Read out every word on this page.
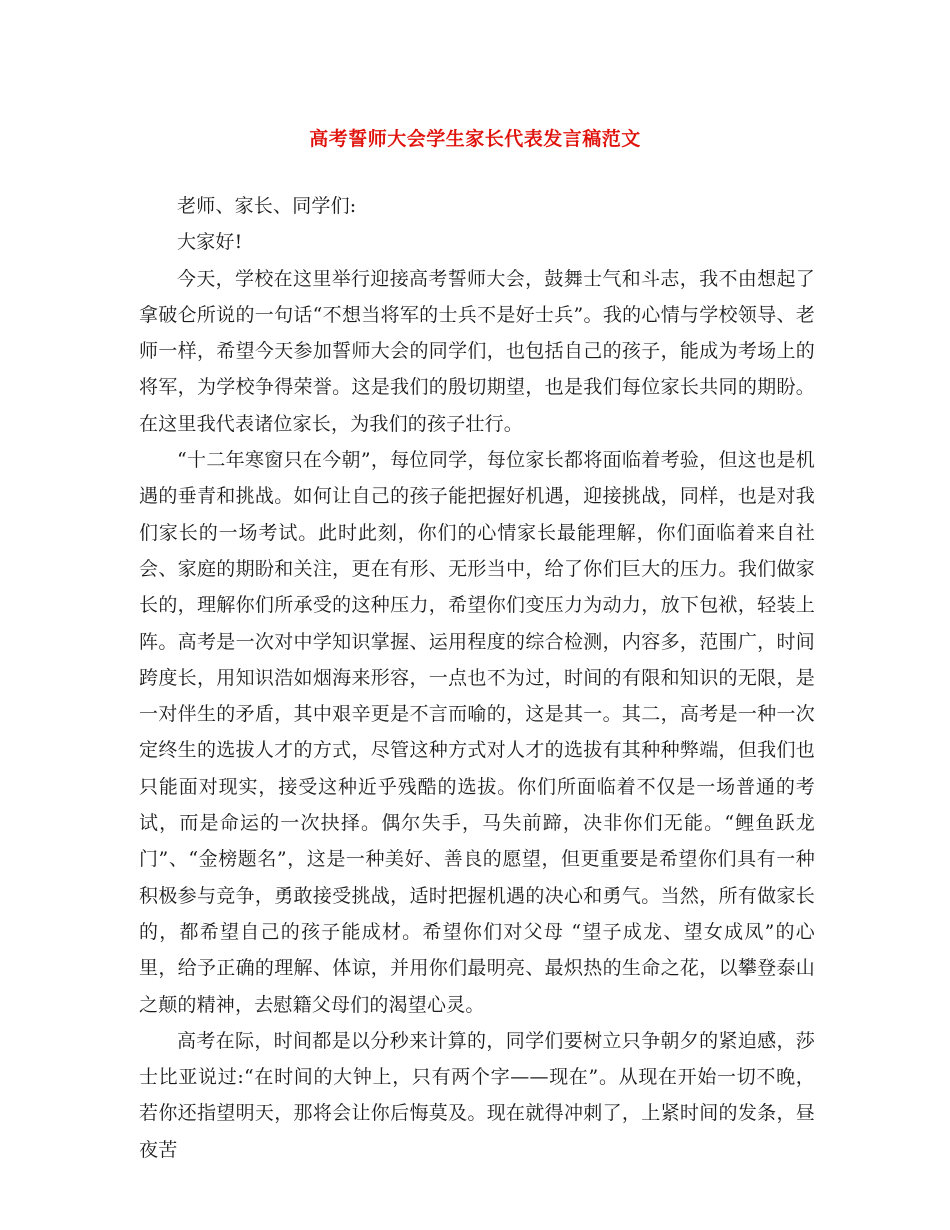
高考誓师大会学生家长代表发言稿范文

老师、家长、同学们:

大家好!

今天，学校在这里举行迎接高考誓师大会，鼓舞士气和斗志，我不由想起了拿破仑所说的一句话“不想当将军的士兵不是好士兵”。我的心情与学校领导、老师一样，希望今天参加誓师大会的同学们，也包括自己的孩子，能成为考场上的将军，为学校争得荣誉。这是我们的殷切期望，也是我们每位家长共同的期盼。在这里我代表诸位家长，为我们的孩子壮行。

“十二年寒窗只在今朝”，每位同学，每位家长都将面临着考验，但这也是机遇的垂青和挑战。如何让自己的孩子能把握好机遇，迎接挑战，同样，也是对我们家长的一场考试。此时此刻，你们的心情家长最能理解，你们面临着来自社会、家庭的期盼和关注，更在有形、无形当中，给了你们巨大的压力。我们做家长的，理解你们所承受的这种压力，希望你们变压力为动力，放下包袱，轻装上阵。高考是一次对中学知识掌握、运用程度的综合检测，内容多，范围广，时间跨度长，用知识浩如烟海来形容，一点也不为过，时间的有限和知识的无限，是一对伴生的矛盾，其中艰辛更是不言而喻的，这是其一。其二，高考是一种一次定终生的选拔人才的方式，尽管这种方式对人才的选拔有其种种弊端，但我们也只能面对现实，接受这种近乎残酷的选拔。你们所面临着不仅是一场普通的考试，而是命运的一次抉择。偶尔失手，马失前蹄，决非你们无能。“鲤鱼跃龙门”、“金榜题名”，这是一种美好、善良的愿望，但更重要是希望你们具有一种积极参与竞争，勇敢接受挑战，适时把握机遇的决心和勇气。当然，所有做家长的，都希望自己的孩子能成材。希望你们对父母 “望子成龙、望女成凤”的心里，给予正确的理解、体谅，并用你们最明亮、最炽热的生命之花，以攀登泰山之颠的精神，去慰籍父母们的渴望心灵。

高考在际，时间都是以分秒来计算的，同学们要树立只争朝夕的紧迫感，莎士比亚说过:“在时间的大钟上，只有两个字——现在”。从现在开始一切不晚，若你还指望明天，那将会让你后悔莫及。现在就得冲刺了，上紧时间的发条，昼夜苦
